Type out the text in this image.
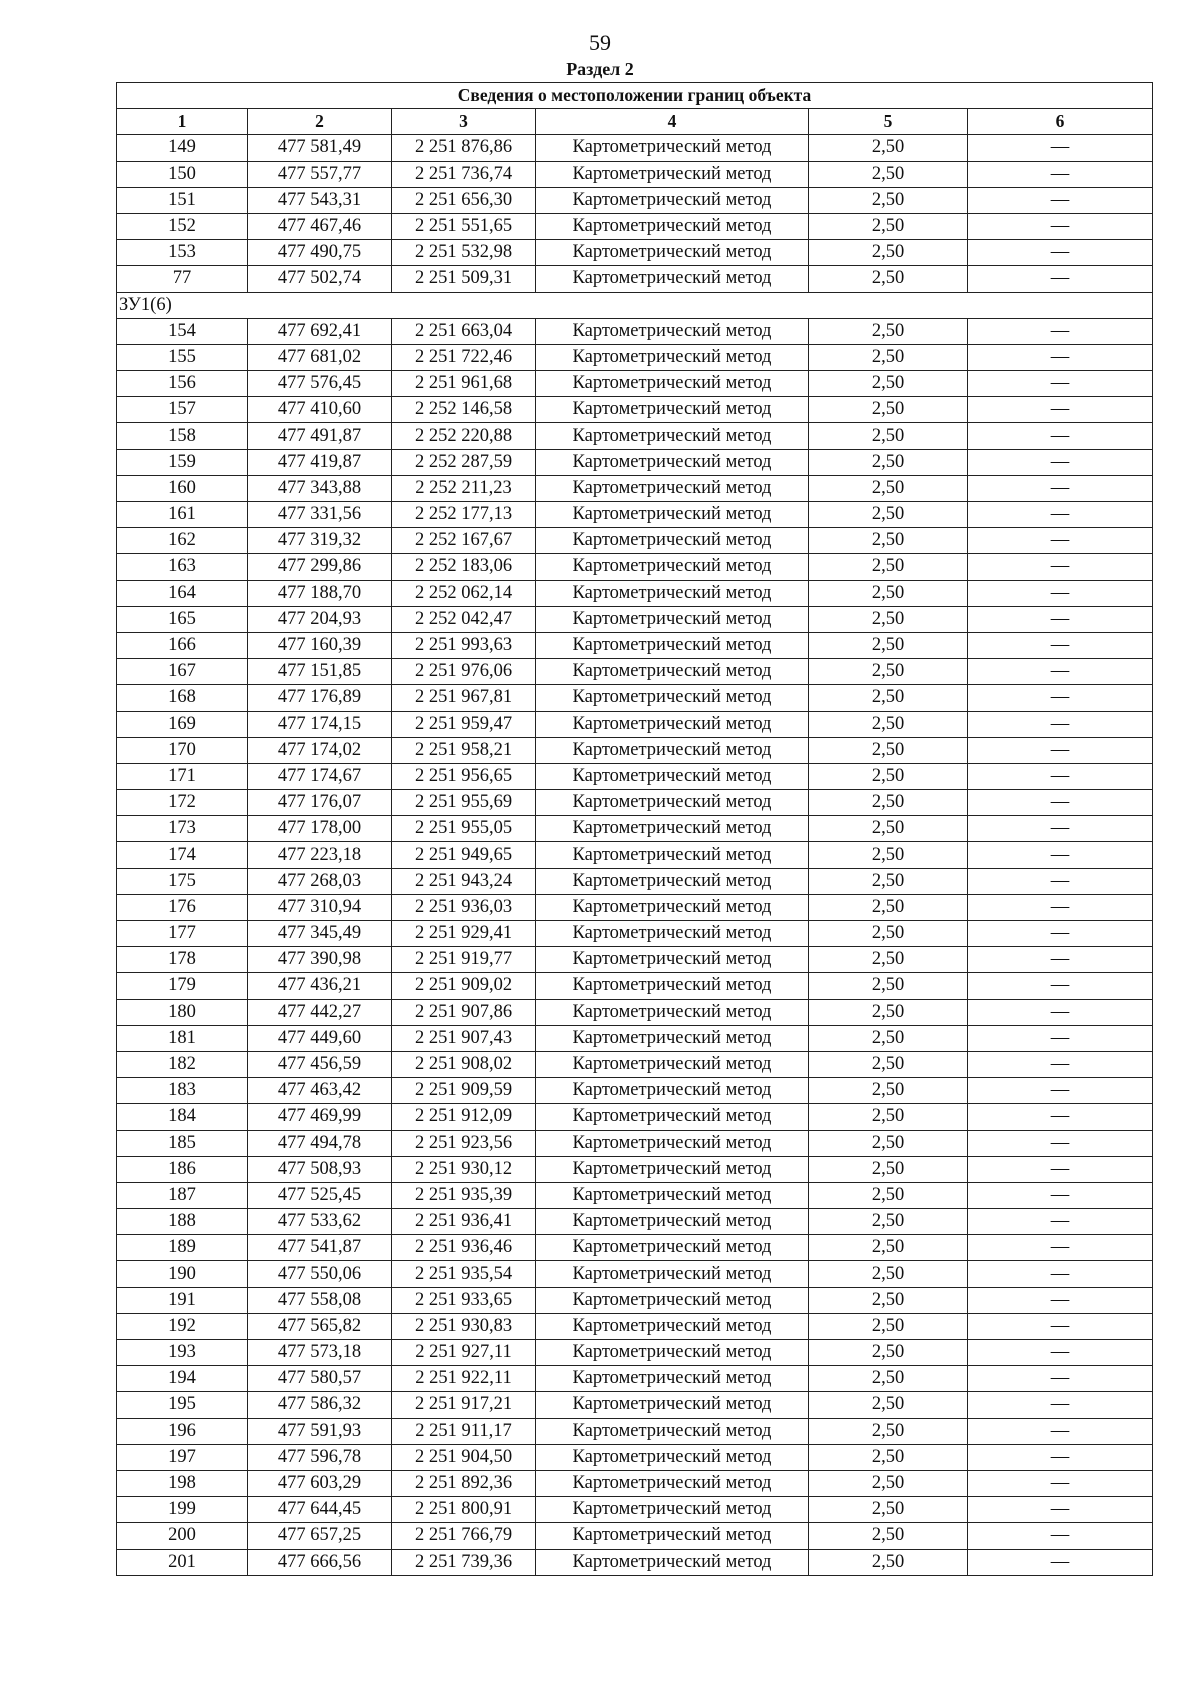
59
Раздел 2
Сведения о местоположении границ объекта					
1	2	3	4	5	6
149	477 581,49	2 251 876,86	Картометрический метод	2,50	—
150	477 557,77	2 251 736,74	Картометрический метод	2,50	—
151	477 543,31	2 251 656,30	Картометрический метод	2,50	—
152	477 467,46	2 251 551,65	Картометрический метод	2,50	—
153	477 490,75	2 251 532,98	Картометрический метод	2,50	—
77	477 502,74	2 251 509,31	Картометрический метод	2,50	—
ЗУ1(6)					
154	477 692,41	2 251 663,04	Картометрический метод	2,50	—
155	477 681,02	2 251 722,46	Картометрический метод	2,50	—
156	477 576,45	2 251 961,68	Картометрический метод	2,50	—
157	477 410,60	2 252 146,58	Картометрический метод	2,50	—
158	477 491,87	2 252 220,88	Картометрический метод	2,50	—
159	477 419,87	2 252 287,59	Картометрический метод	2,50	—
160	477 343,88	2 252 211,23	Картометрический метод	2,50	—
161	477 331,56	2 252 177,13	Картометрический метод	2,50	—
162	477 319,32	2 252 167,67	Картометрический метод	2,50	—
163	477 299,86	2 252 183,06	Картометрический метод	2,50	—
164	477 188,70	2 252 062,14	Картометрический метод	2,50	—
165	477 204,93	2 252 042,47	Картометрический метод	2,50	—
166	477 160,39	2 251 993,63	Картометрический метод	2,50	—
167	477 151,85	2 251 976,06	Картометрический метод	2,50	—
168	477 176,89	2 251 967,81	Картометрический метод	2,50	—
169	477 174,15	2 251 959,47	Картометрический метод	2,50	—
170	477 174,02	2 251 958,21	Картометрический метод	2,50	—
171	477 174,67	2 251 956,65	Картометрический метод	2,50	—
172	477 176,07	2 251 955,69	Картометрический метод	2,50	—
173	477 178,00	2 251 955,05	Картометрический метод	2,50	—
174	477 223,18	2 251 949,65	Картометрический метод	2,50	—
175	477 268,03	2 251 943,24	Картометрический метод	2,50	—
176	477 310,94	2 251 936,03	Картометрический метод	2,50	—
177	477 345,49	2 251 929,41	Картометрический метод	2,50	—
178	477 390,98	2 251 919,77	Картометрический метод	2,50	—
179	477 436,21	2 251 909,02	Картометрический метод	2,50	—
180	477 442,27	2 251 907,86	Картометрический метод	2,50	—
181	477 449,60	2 251 907,43	Картометрический метод	2,50	—
182	477 456,59	2 251 908,02	Картометрический метод	2,50	—
183	477 463,42	2 251 909,59	Картометрический метод	2,50	—
184	477 469,99	2 251 912,09	Картометрический метод	2,50	—
185	477 494,78	2 251 923,56	Картометрический метод	2,50	—
186	477 508,93	2 251 930,12	Картометрический метод	2,50	—
187	477 525,45	2 251 935,39	Картометрический метод	2,50	—
188	477 533,62	2 251 936,41	Картометрический метод	2,50	—
189	477 541,87	2 251 936,46	Картометрический метод	2,50	—
190	477 550,06	2 251 935,54	Картометрический метод	2,50	—
191	477 558,08	2 251 933,65	Картометрический метод	2,50	—
192	477 565,82	2 251 930,83	Картометрический метод	2,50	—
193	477 573,18	2 251 927,11	Картометрический метод	2,50	—
194	477 580,57	2 251 922,11	Картометрический метод	2,50	—
195	477 586,32	2 251 917,21	Картометрический метод	2,50	—
196	477 591,93	2 251 911,17	Картометрический метод	2,50	—
197	477 596,78	2 251 904,50	Картометрический метод	2,50	—
198	477 603,29	2 251 892,36	Картометрический метод	2,50	—
199	477 644,45	2 251 800,91	Картометрический метод	2,50	—
200	477 657,25	2 251 766,79	Картометрический метод	2,50	—
201	477 666,56	2 251 739,36	Картометрический метод	2,50	—
